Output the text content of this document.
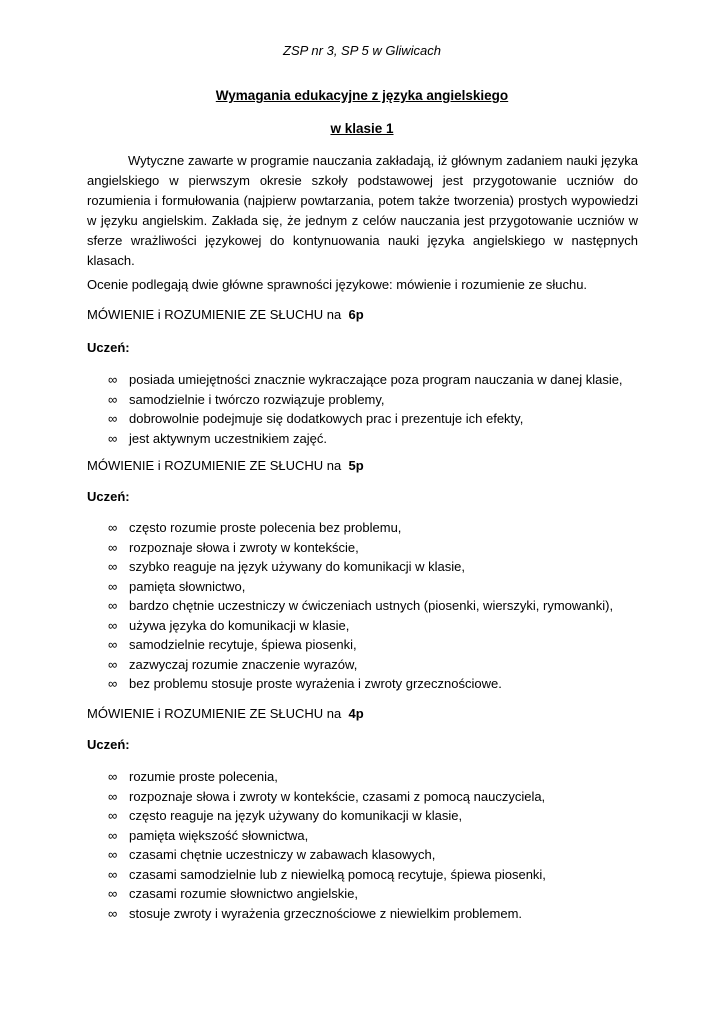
ZSP nr 3, SP 5 w Gliwicach
Wymagania edukacyjne z języka angielskiego
w klasie 1

Wytyczne zawarte w programie nauczania zakładają, iż głównym zadaniem nauki języka angielskiego w pierwszym okresie szkoły podstawowej jest przygotowanie uczniów do rozumienia i formułowania (najpierw powtarzania, potem także tworzenia) prostych wypowiedzi w języku angielskim. Zakłada się, że jednym z celów nauczania jest przygotowanie uczniów w sferze wrażliwości językowej do kontynuowania nauki języka angielskiego w następnych klasach.

Ocenie podlegają dwie główne sprawności językowe: mówienie i rozumienie ze słuchu.

MÓWIENIE i ROZUMIENIE ZE SŁUCHU na 6p

Uczeń:

∞ posiada umiejętności znacznie wykraczające poza program nauczania w danej klasie,
∞ samodzielnie i twórczo rozwiązuje problemy,
∞ dobrowolnie podejmuje się dodatkowych prac i prezentuje ich efekty,
∞ jest aktywnym uczestnikiem zajęć.

MÓWIENIE i ROZUMIENIE ZE SŁUCHU na 5p

Uczeń:

∞ często rozumie proste polecenia bez problemu,
∞ rozpoznaje słowa i zwroty w kontekście,
∞ szybko reaguje na język używany do komunikacji w klasie,
∞ pamięta słownictwo,
∞ bardzo chętnie uczestniczy w ćwiczeniach ustnych (piosenki, wierszyki, rymowanki),
∞ używa języka do komunikacji w klasie,
∞ samodzielnie recytuje, śpiewa piosenki,
∞ zazwyczaj rozumie znaczenie wyrazów,
∞ bez problemu stosuje proste wyrażenia i zwroty grzecznościowe.

MÓWIENIE i ROZUMIENIE ZE SŁUCHU na 4p

Uczeń:

∞ rozumie proste polecenia,
∞ rozpoznaje słowa i zwroty w kontekście, czasami z pomocą nauczyciela,
∞ często reaguje na język używany do komunikacji w klasie,
∞ pamięta większość słownictwa,
∞ czasami chętnie uczestniczy w zabawach klasowych,
∞ czasami samodzielnie lub z niewielką pomocą recytuje, śpiewa piosenki,
∞ czasami rozumie słownictwo angielskie,
∞ stosuje zwroty i wyrażenia grzecznościowe z niewielkim problemem.
